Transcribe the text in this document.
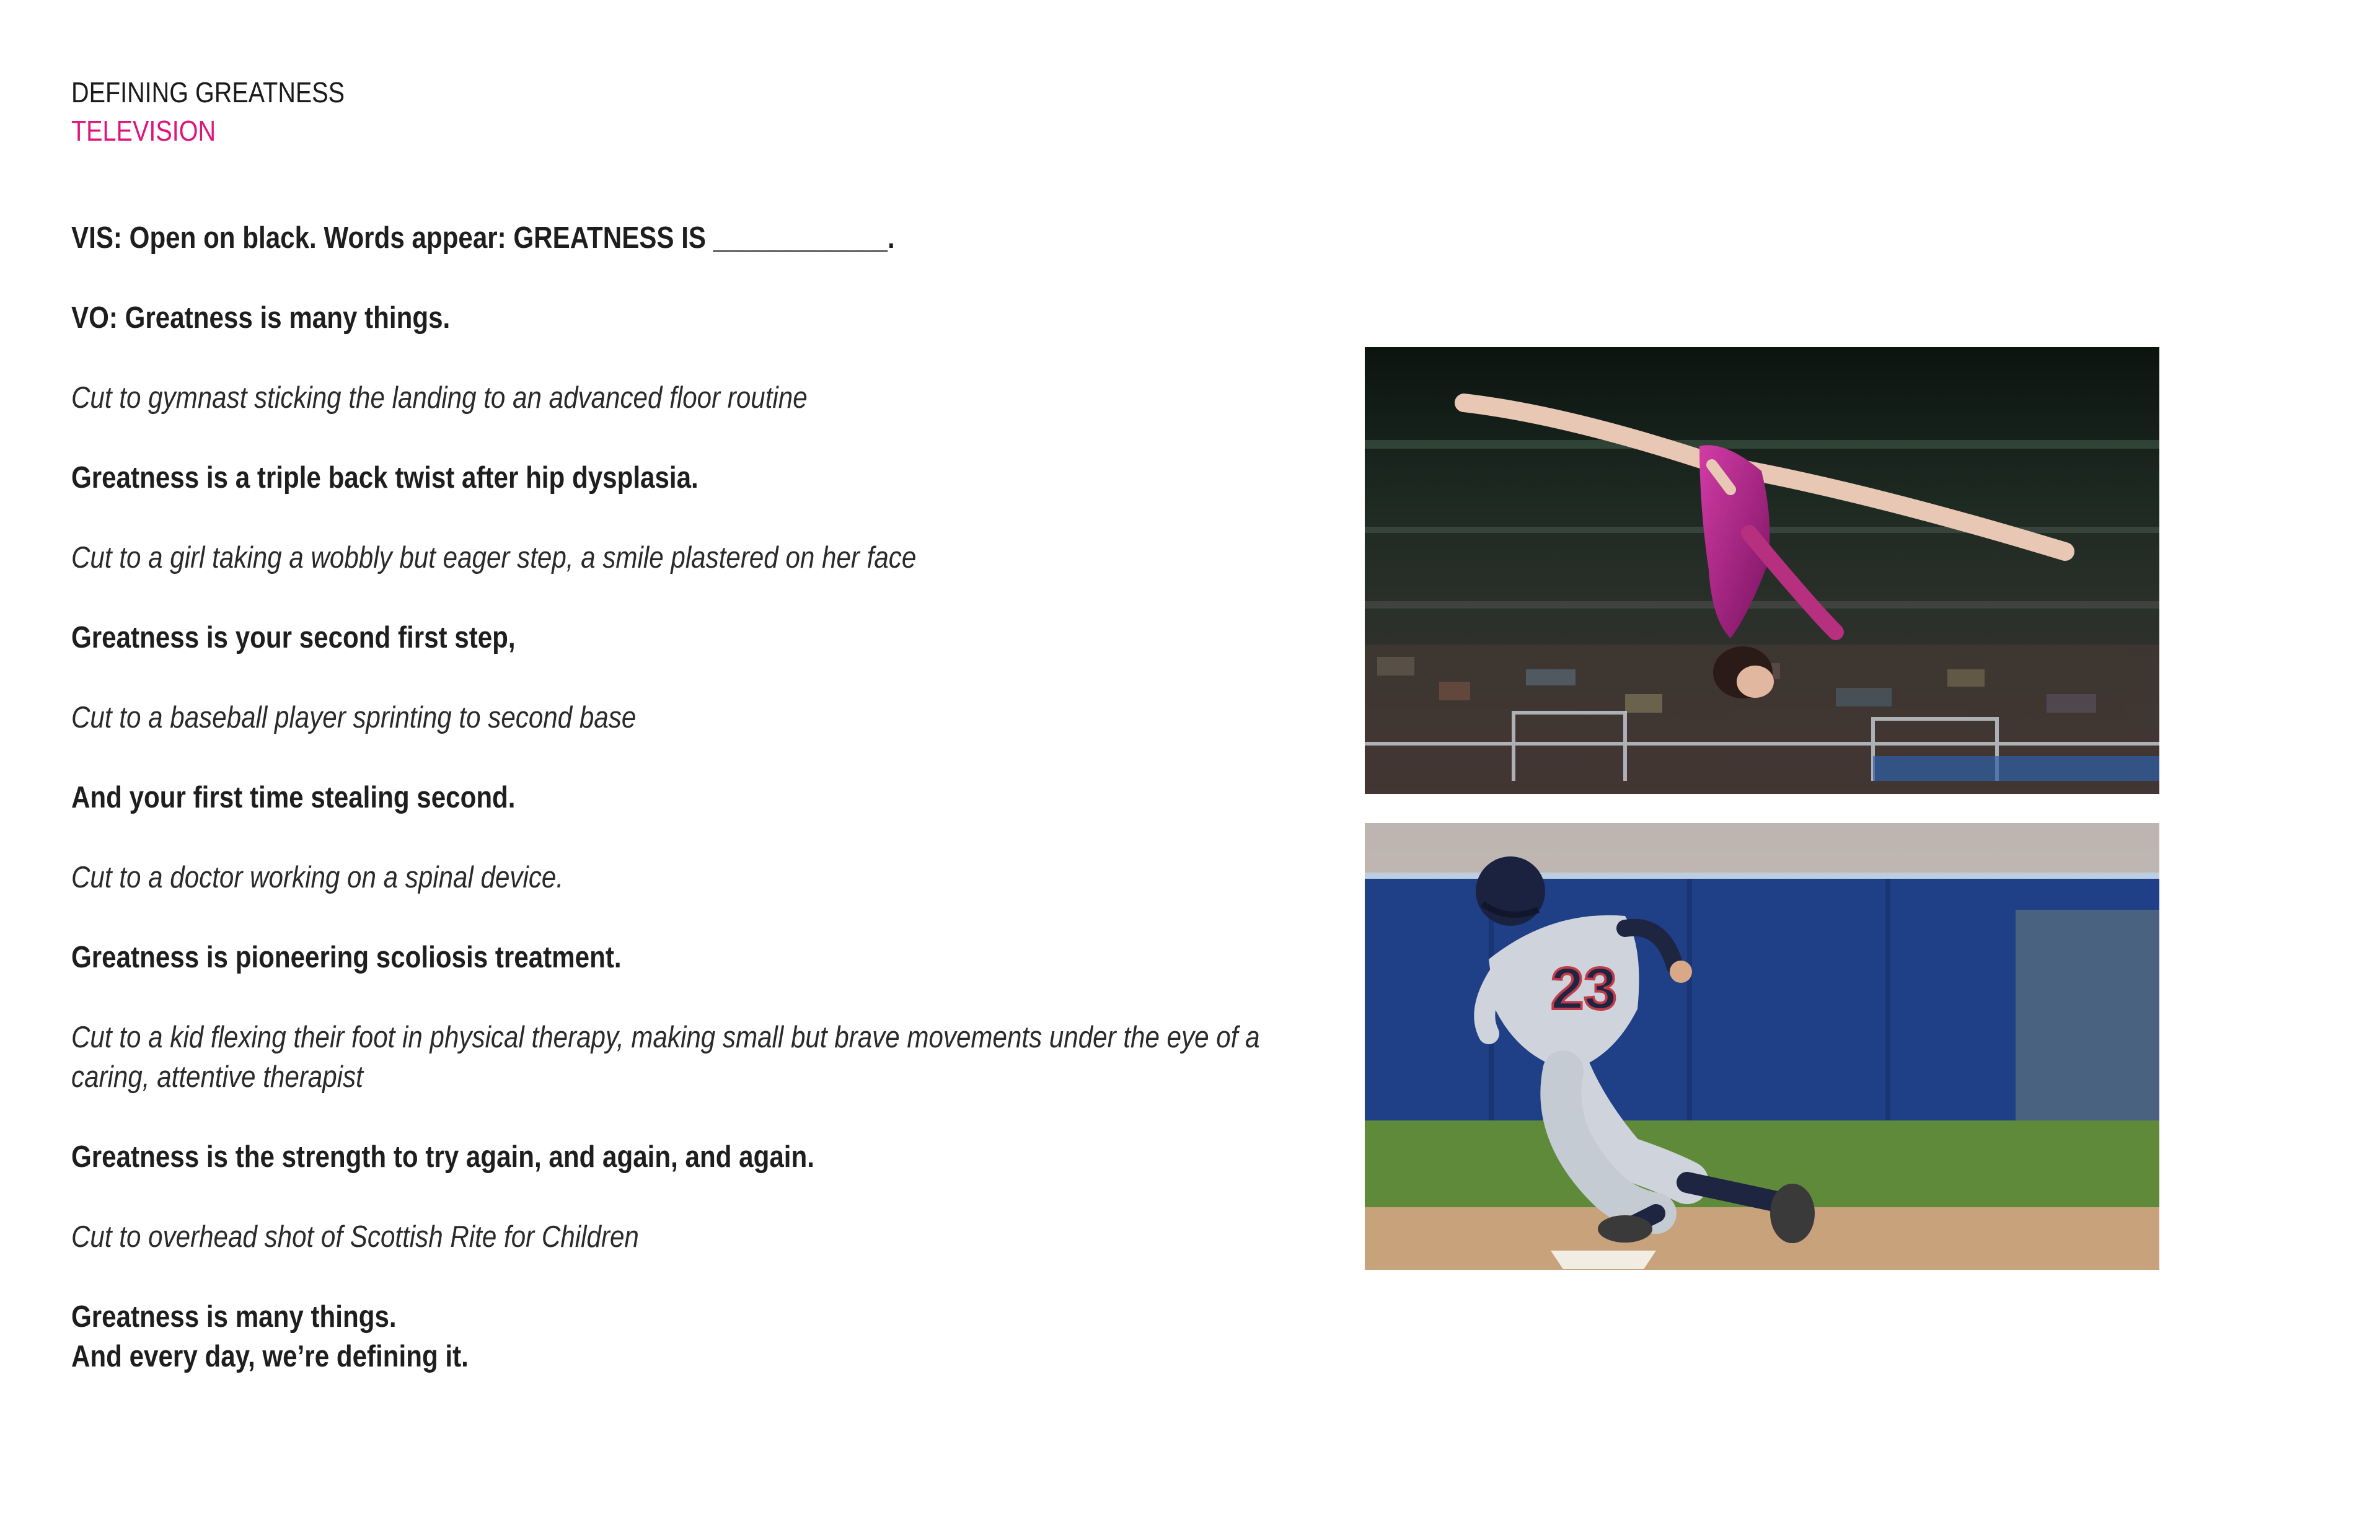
DEFINING GREATNESS
TELEVISION
VIS: Open on black. Words appear: GREATNESS IS ____________.
VO: Greatness is many things.
Cut to gymnast sticking the landing to an advanced floor routine
Greatness is a triple back twist after hip dysplasia.
Cut to a girl taking a wobbly but eager step, a smile plastered on her face
Greatness is your second first step,
Cut to a baseball player sprinting to second base
And your first time stealing second.
Cut to a doctor working on a spinal device.
Greatness is pioneering scoliosis treatment.
Cut to a kid flexing their foot in physical therapy, making small but brave movements under the eye of a caring, attentive therapist
Greatness is the strength to try again, and again, and again.
Cut to overhead shot of Scottish Rite for Children
Greatness is many things.
And every day, we’re defining it.
23
